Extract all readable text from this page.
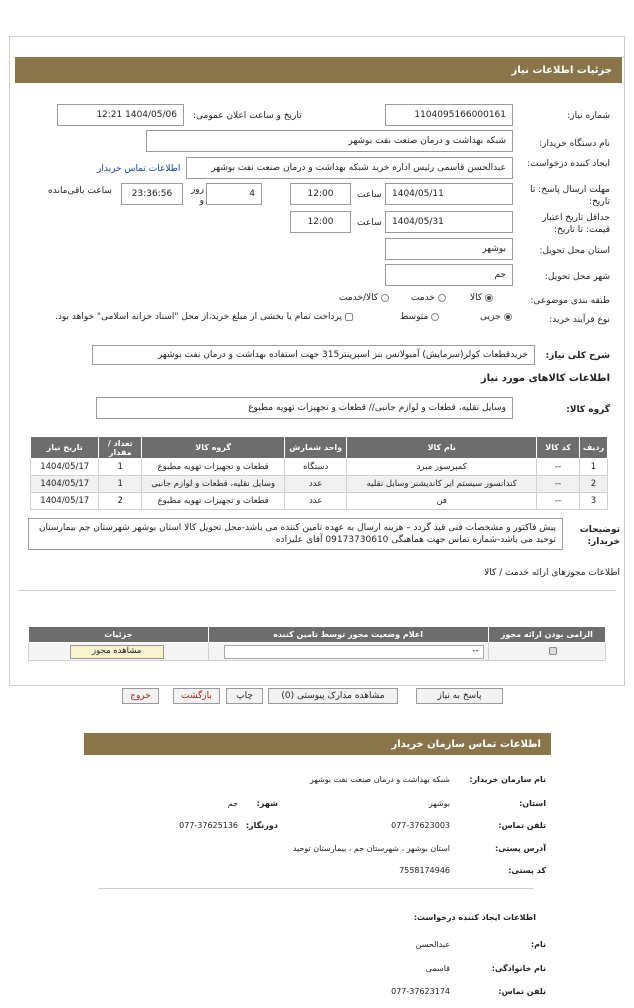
جزئیات اطلاعات نیاز
شماره نیاز:
1104095166000161
تاریخ و ساعت اعلان عمومی:
1404/05/06 12:21
نام دستگاه خریدار:
شبکه بهداشت و درمان صنعت نفت بوشهر
ایجاد کننده درخواست:
عبدالحسن قاسمی رئیس اداره خرید شبکه بهداشت و درمان صنعت نفت بوشهر
اطلاعات تماس خریدار
مهلت ارسال پاسخ: تا تاریخ:
1404/05/11
ساعت
12:00
4
روز و
23:36:56
ساعت باقی‌مانده
حداقل تاریخ اعتبار قیمت: تا تاریخ:
1404/05/31
ساعت
12:00
استان محل تحویل:
بوشهر
شهر محل تحویل:
جم
طبقه بندی موضوعی:
کالا
خدمت
کالا/خدمت
نوع فرآیند خرید:
جزیی
متوسط
پرداخت تمام یا بخشی از مبلغ خرید،از محل "اسناد خزانه اسلامی" خواهد بود.
شرح کلی نیاز:
خریدقطعات کولر(سرمایش) آمبولانس بنز اسپرینتر315 جهت استفاده بهداشت و درمان نفت بوشهر
اطلاعات کالاهای مورد نیاز
گروه کالا:
وسایل نقلیه، قطعات و لوازم جانبی// قطعات و تجهیزات تهویه مطبوع
ردیف	کد کالا	نام کالا	واحد شمارش	گروه کالا	تعداد / مقدار	تاریخ نیاز
1	--	کمپرسور مبرد	دستگاه	قطعات و تجهیزات تهویه مطبوع	1	1404/05/17
2	--	کندانسور سیستم ایر کاندیشنر وسایل نقلیه	عدد	وسایل نقلیه، قطعات و لوازم جانبی	1	1404/05/17
3	--	فن	عدد	قطعات و تجهیزات تهویه مطبوع	2	1404/05/17
توضیحات خریدار:
پیش فاکتور و مشخصات فنی قید گردد – هزینه ارسال به عهده تامین کننده می باشد-محل تحویل کالا استان بوشهر شهرستان جم بیمارستان توحید می باشد-شماره تماس جهت هماهنگی 09173730610 آقای علیزاده
اطلاعات مجوزهای ارائه خدمت / کالا
الزامی بودن ارائه مجوز	اعلام وضعیت مجوز توسط تامین کننده	جزئیات

	--	مشاهده مجوز
پاسخ به نیاز
مشاهده مدارک پیوستی (0)
چاپ
بازگشت
خروج
اطلاعات تماس سازمان خریدار
نام سازمان خریدار:
شبکه بهداشت و درمان صنعت نفت بوشهر
استان:
بوشهر
شهر:
جم
تلفن تماس:
077-37623003
دورنگار:
077-37625136
آدرس پستی:
استان بوشهر ، شهرستان جم ، بیمارستان توحید
کد پستی:
7558174946
اطلاعات ایجاد کننده درخواست:
نام:
عبدالحسن
نام خانوادگی:
قاسمی
تلفن تماس:
077-37623174
